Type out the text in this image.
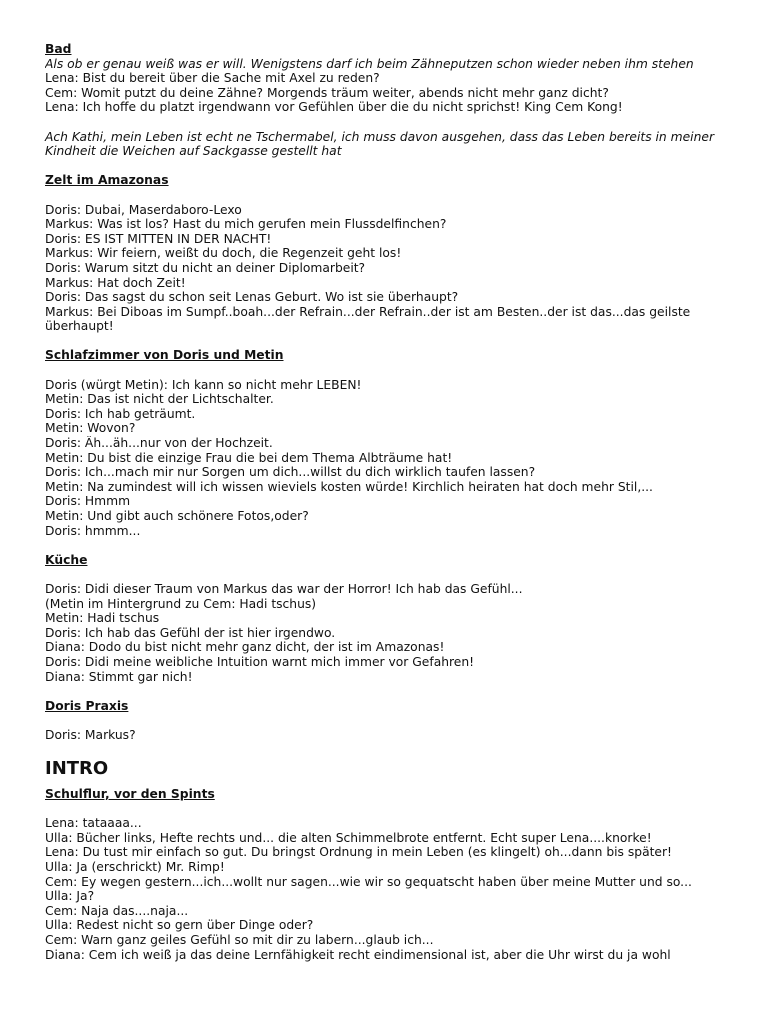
Bad
Als ob er genau weiß was er will. Wenigstens darf ich beim Zähneputzen schon wieder neben ihm stehen
Lena: Bist du bereit über die Sache mit Axel zu reden?
Cem: Womit putzt du deine Zähne? Morgends träum weiter, abends nicht mehr ganz dicht?
Lena: Ich hoffe du platzt irgendwann vor Gefühlen über die du nicht sprichst! King Cem Kong!
Ach Kathi, mein Leben ist echt ne Tschermabel, ich muss davon ausgehen, dass das Leben bereits in meiner Kindheit die Weichen auf Sackgasse gestellt hat
Zelt im Amazonas
Doris: Dubai, Maserdaboro-Lexo
Markus: Was ist los? Hast du mich gerufen mein Flussdelfinchen?
Doris: ES IST MITTEN IN DER NACHT!
Markus: Wir feiern, weißt du doch, die Regenzeit geht los!
Doris: Warum sitzt du nicht an deiner Diplomarbeit?
Markus: Hat doch Zeit!
Doris: Das sagst du schon seit Lenas Geburt. Wo ist sie überhaupt?
Markus: Bei Diboas im Sumpf..boah...der Refrain...der Refrain..der ist am Besten..der ist das...das geilste überhaupt!
Schlafzimmer von Doris und Metin
Doris (würgt Metin): Ich kann so nicht mehr LEBEN!
Metin: Das ist nicht der Lichtschalter.
Doris: Ich hab geträumt.
Metin: Wovon?
Doris: Äh...äh...nur von der Hochzeit.
Metin: Du bist die einzige Frau die bei dem Thema Albträume hat!
Doris: Ich...mach mir nur Sorgen um dich...willst du dich wirklich taufen lassen?
Metin: Na zumindest will ich wissen wieviels kosten würde! Kirchlich heiraten hat doch mehr Stil,...
Doris: Hmmm
Metin: Und gibt auch schönere Fotos,oder?
Doris: hmmm...
Küche
Doris: Didi dieser Traum von Markus das war der Horror! Ich hab das Gefühl...
(Metin im Hintergrund zu Cem: Hadi tschus)
Metin: Hadi tschus
Doris: Ich hab das Gefühl der ist hier irgendwo.
Diana: Dodo du bist nicht mehr ganz dicht, der ist im Amazonas!
Doris: Didi meine weibliche Intuition warnt mich immer vor Gefahren!
Diana: Stimmt gar nich!
Doris Praxis
Doris: Markus?
INTRO
Schulflur, vor den Spints
Lena: tataaaa...
Ulla: Bücher links, Hefte rechts und... die alten Schimmelbrote entfernt. Echt super Lena....knorke!
Lena: Du tust mir einfach so gut. Du bringst Ordnung in mein Leben (es klingelt) oh...dann bis später!
Ulla: Ja (erschrickt) Mr. Rimp!
Cem: Ey wegen gestern...ich...wollt nur sagen...wie wir so gequatscht haben über meine Mutter und so...
Ulla: Ja?
Cem: Naja das....naja...
Ulla: Redest nicht so gern über Dinge oder?
Cem: Warn ganz geiles Gefühl so mit dir zu labern...glaub ich...
Diana: Cem ich weiß ja das deine Lernfähigkeit recht eindimensional ist, aber die Uhr wirst du ja wohl
